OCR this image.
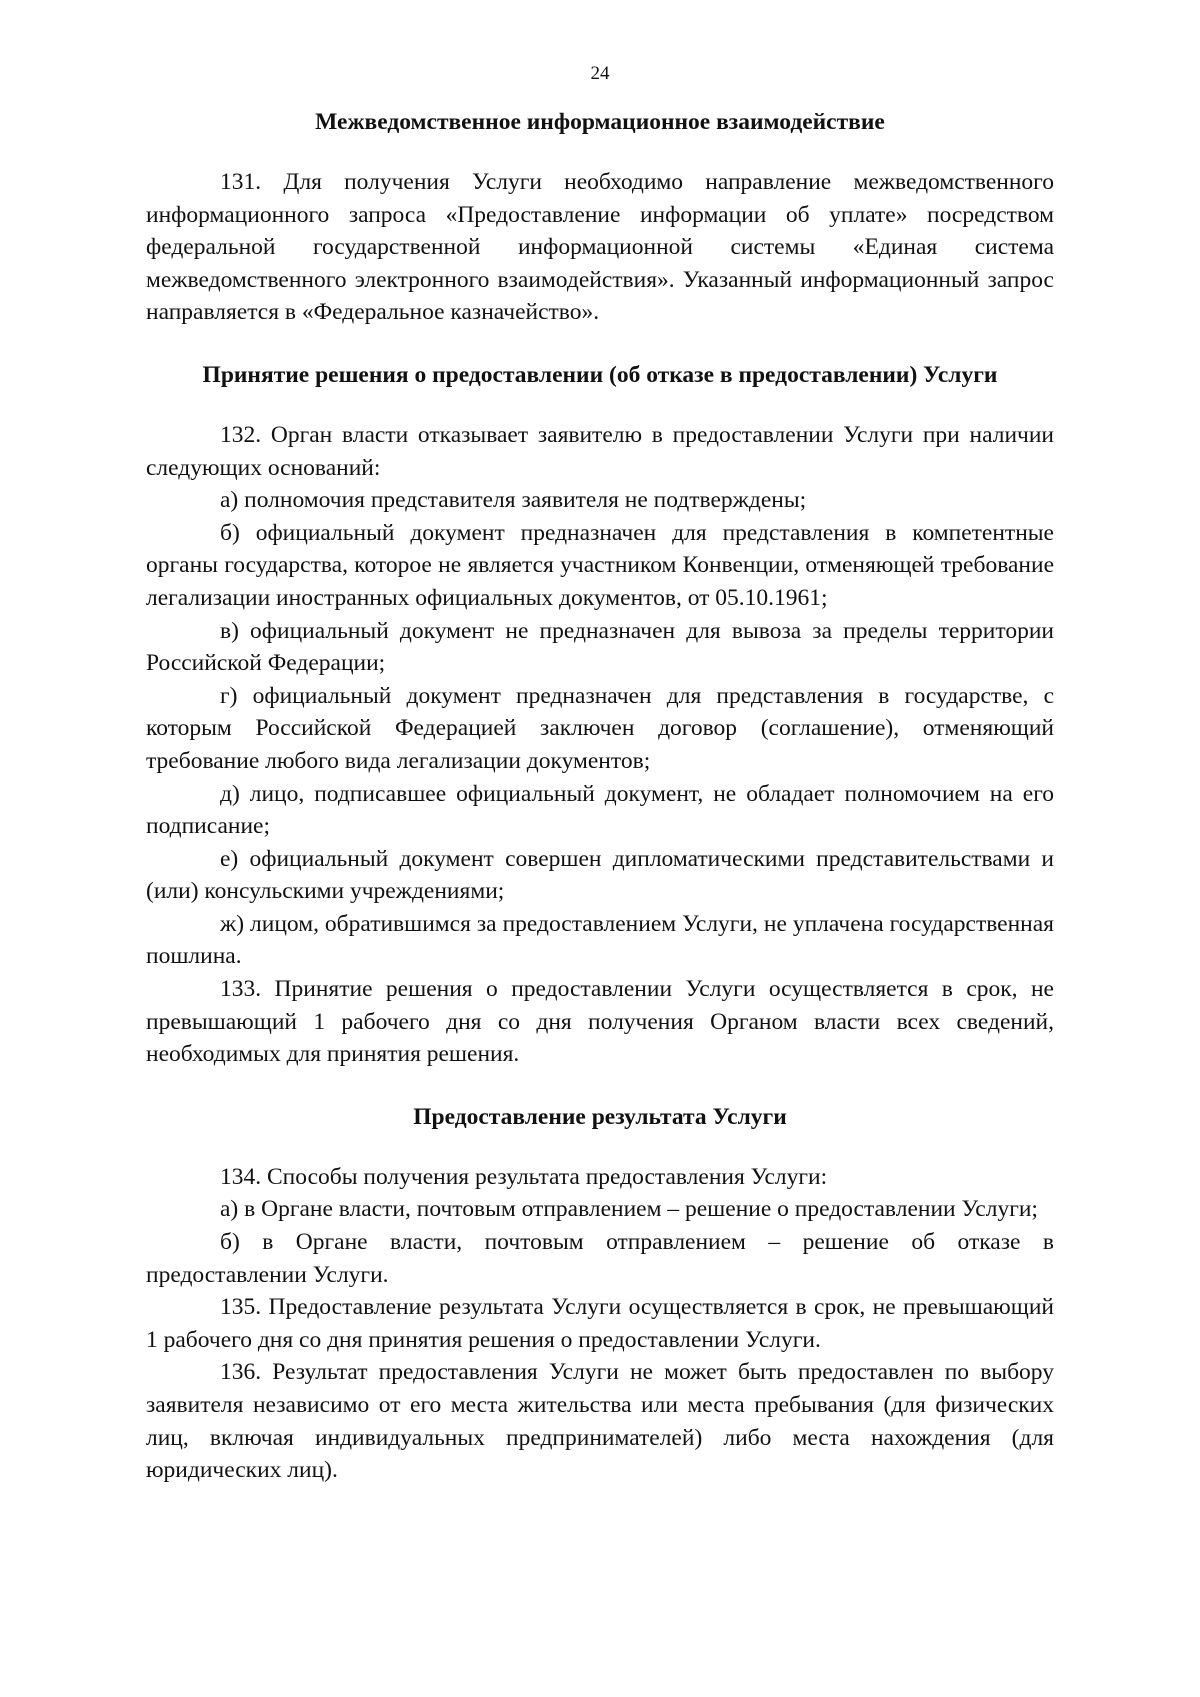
24
Межведомственное информационное взаимодействие

131. Для получения Услуги необходимо направление межведомственного информационного запроса «Предоставление информации об уплате» посредством федеральной государственной информационной системы «Единая система межведомственного электронного взаимодействия». Указанный информационный запрос направляется в «Федеральное казначейство».

Принятие решения о предоставлении (об отказе в предоставлении) Услуги

132. Орган власти отказывает заявителю в предоставлении Услуги при наличии следующих оснований:

а) полномочия представителя заявителя не подтверждены;

б) официальный документ предназначен для представления в компетентные органы государства, которое не является участником Конвенции, отменяющей требование легализации иностранных официальных документов, от 05.10.1961;

в) официальный документ не предназначен для вывоза за пределы территории Российской Федерации;

г) официальный документ предназначен для представления в государстве, с которым Российской Федерацией заключен договор (соглашение), отменяющий требование любого вида легализации документов;

д) лицо, подписавшее официальный документ, не обладает полномочием на его подписание;

е) официальный документ совершен дипломатическими представительствами и (или) консульскими учреждениями;

ж) лицом, обратившимся за предоставлением Услуги, не уплачена государственная пошлина.

133. Принятие решения о предоставлении Услуги осуществляется в срок, не превышающий 1 рабочего дня со дня получения Органом власти всех сведений, необходимых для принятия решения.

Предоставление результата Услуги

134. Способы получения результата предоставления Услуги:

а) в Органе власти, почтовым отправлением – решение о предоставлении Услуги;

б) в Органе власти, почтовым отправлением – решение об отказе в предоставлении Услуги.

135. Предоставление результата Услуги осуществляется в срок, не превышающий 1 рабочего дня со дня принятия решения о предоставлении Услуги.

136. Результат предоставления Услуги не может быть предоставлен по выбору заявителя независимо от его места жительства или места пребывания (для физических лиц, включая индивидуальных предпринимателей) либо места нахождения (для юридических лиц).
